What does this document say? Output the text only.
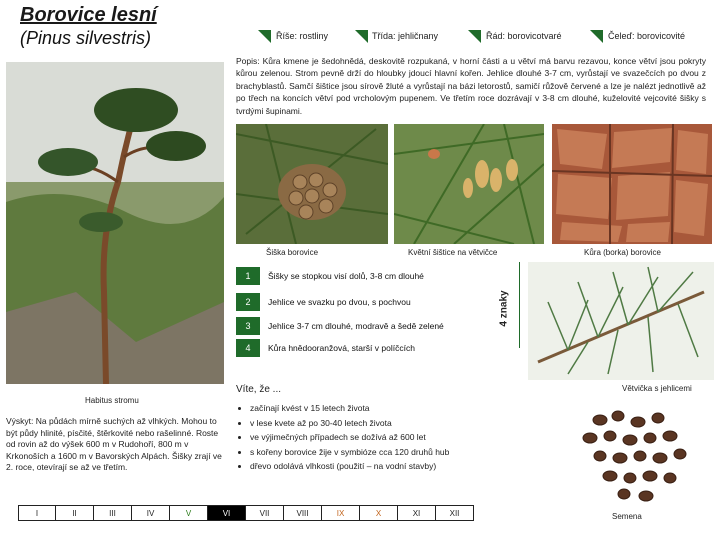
Borovice lesní
(Pinus silvestris)	Říše: rostliny	Třída: jehličnany	Řád: borovicotvaré	Čeleď: borovicovité
Popis: Kůra kmene je šedohnědá, deskovitě rozpukaná, v horní části a u větví má barvu rezavou, konce větví jsou pokryty kůrou zelenou. Strom pevně drží do hloubky jdoucí hlavní kořen. Jehlice dlouhé 3-7 cm, vyrůstají ve svazečcích po dvou z brachyblastů. Samčí šištice jsou sírově žluté a vyrůstají na bázi letorostů, samičí růžově červené a lze je nalézt jednotlivě až po třech na koncích větví pod vrcholovým pupenem. Ve třetím roce dozrávají v 3-8 cm dlouhé, kuželovité vejcovité šišky s tvrdými šupinami.
Habitus stromu
Výskyt: Na půdách mírně suchých až vlhkých. Mohou to být půdy hlinité, písčité, štěrkovité nebo rašelinné. Roste od rovin až do výšek 600 m v Rudohoří, 800 m v Krkonoších a 1600 m v Bavorských Alpách. Šišky zrají ve 2. roce, otevírají se až ve třetím.
Šiška borovice	Květní šištice na větvičce	Kůra (borka) borovice
1	Šišky se stopkou visí dolů, 3-8 cm dlouhé
2	Jehlice ve svazku po dvou, s pochvou
3	Jehlice 3-7 cm dlouhé, modravě a šedě zelené
4	Kůra hnědooranžová, starší v políčcích
4 znaky
Větvička s jehlicemi
Víte, že ...
• začínají kvést v 15 letech života
• v lese kvete až po 30-40 letech života
• ve výjimečných případech se dožívá až 600 let
• s kořeny borovice žije v symbióze cca 120 druhů hub
• dřevo odolává vlhkosti (použití – na vodní stavby)
Semena
I	II	III	IV	V	VI	VII	VIII	IX	X	XI	XII
